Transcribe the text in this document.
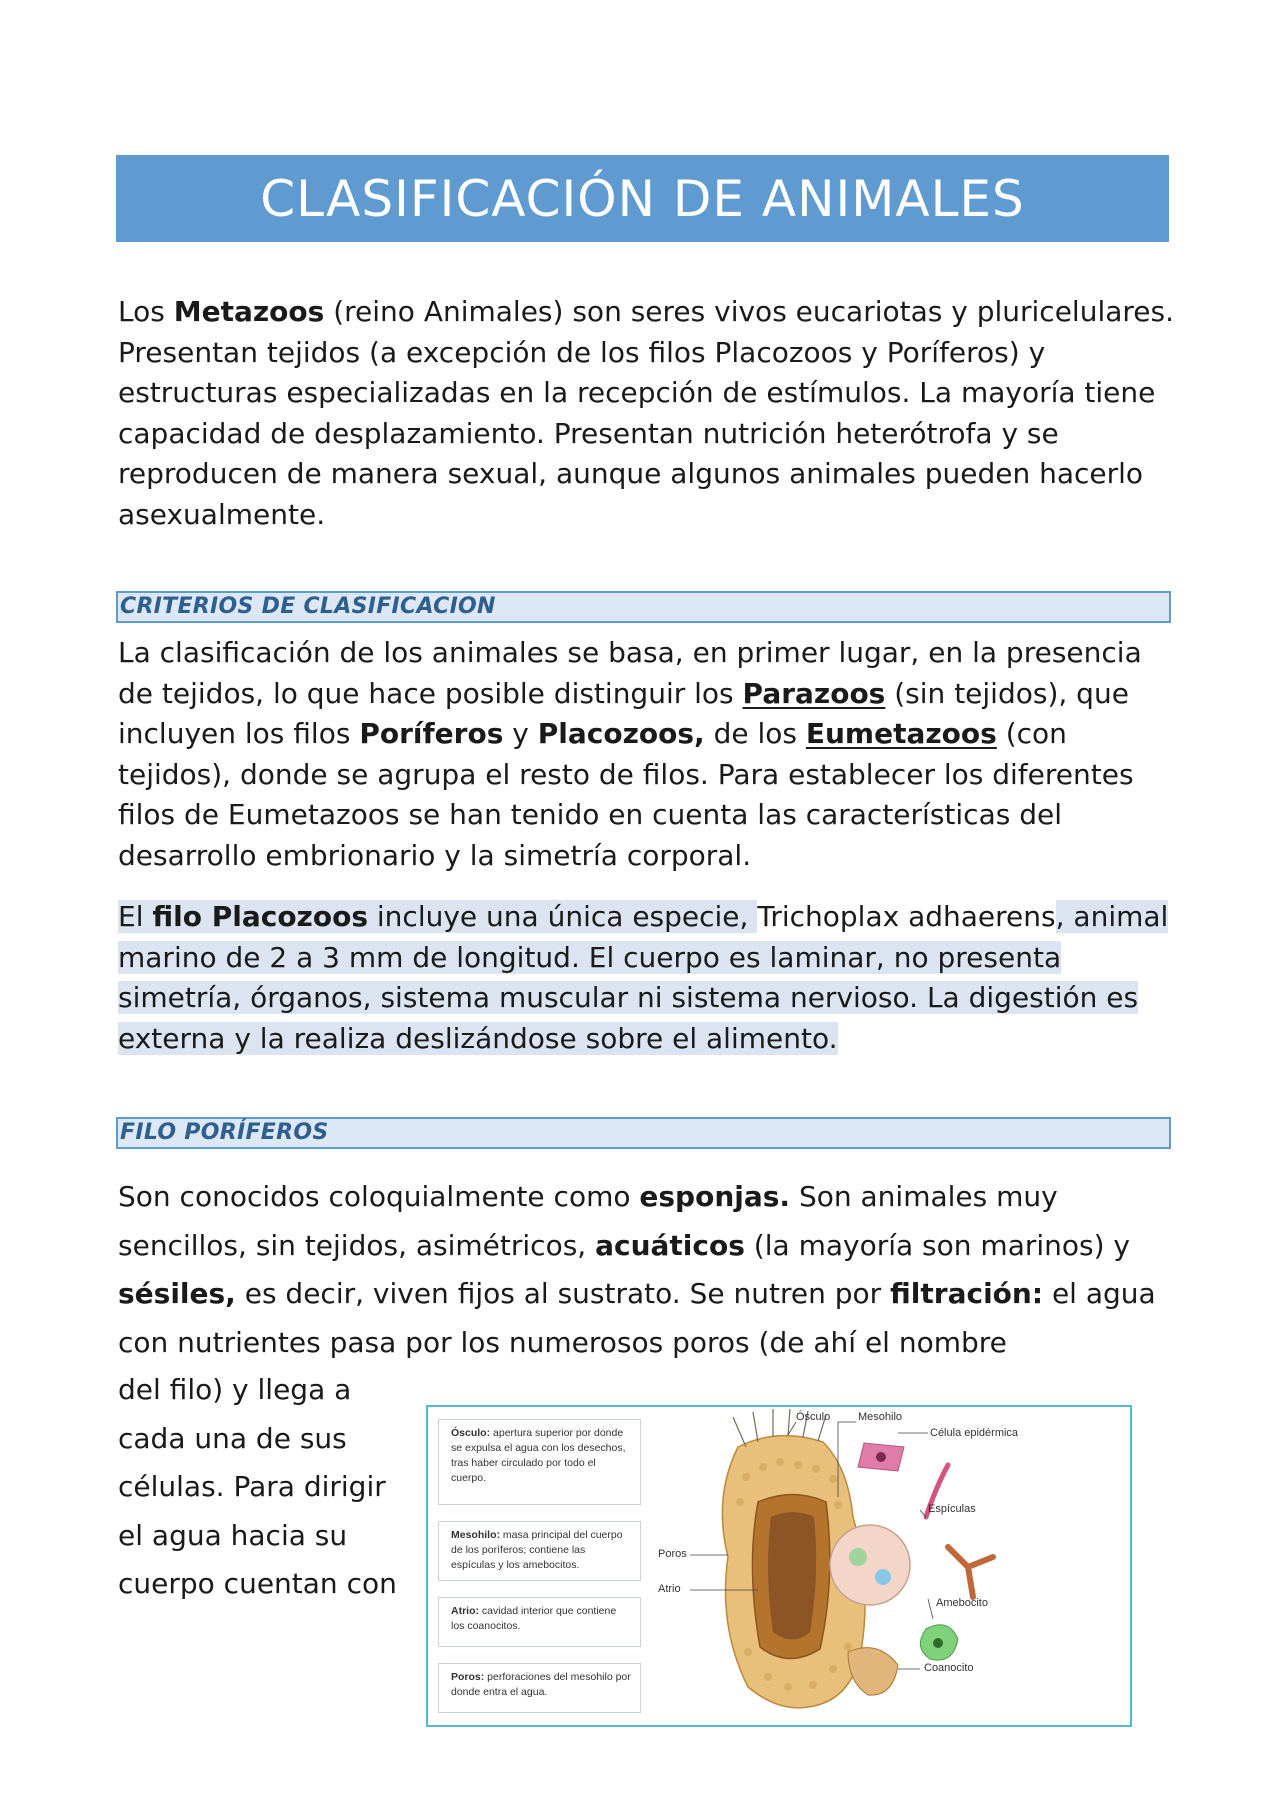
CLASIFICACIÓN DE ANIMALES

Los Metazoos (reino Animales) son seres vivos eucariotas y pluricelulares. Presentan tejidos (a excepción de los filos Placozoos y Poríferos) y estructuras especializadas en la recepción de estímulos. La mayoría tiene capacidad de desplazamiento. Presentan nutrición heterótrofa y se reproducen de manera sexual, aunque algunos animales pueden hacerlo asexualmente.

CRITERIOS DE CLASIFICACION

La clasificación de los animales se basa, en primer lugar, en la presencia de tejidos, lo que hace posible distinguir los Parazoos (sin tejidos), que incluyen los filos Poríferos y Placozoos, de los Eumetazoos (con tejidos), donde se agrupa el resto de filos. Para establecer los diferentes filos de Eumetazoos se han tenido en cuenta las características del desarrollo embrionario y la simetría corporal.

El filo Placozoos incluye una única especie, Trichoplax adhaerens, animal marino de 2 a 3 mm de longitud. El cuerpo es laminar, no presenta simetría, órganos, sistema muscular ni sistema nervioso. La digestión es externa y la realiza deslizándose sobre el alimento.

FILO PORÍFEROS

Son conocidos coloquialmente como esponjas. Son animales muy sencillos, sin tejidos, asimétricos, acuáticos (la mayoría son marinos) y sésiles, es decir, viven fijos al sustrato. Se nutren por filtración: el agua con nutrientes pasa por los numerosos poros (de ahí el nombre

del filo) y llega a cada una de sus células. Para dirigir el agua hacia su cuerpo cuentan con

Ósculo: apertura superior por donde se expulsa el agua con los desechos, tras haber circulado por todo el cuerpo.
Mesohilo: masa principal del cuerpo de los poríferos; contiene las espículas y los amebocitos.
Atrio: cavidad interior que contiene los coanocitos.
Poros: perforaciones del mesohilo por donde entra el agua.
Ósculo	Mesohilo
Célula epidérmica
Espículas
Poros
Atrio
Amebocito
Coanocito
